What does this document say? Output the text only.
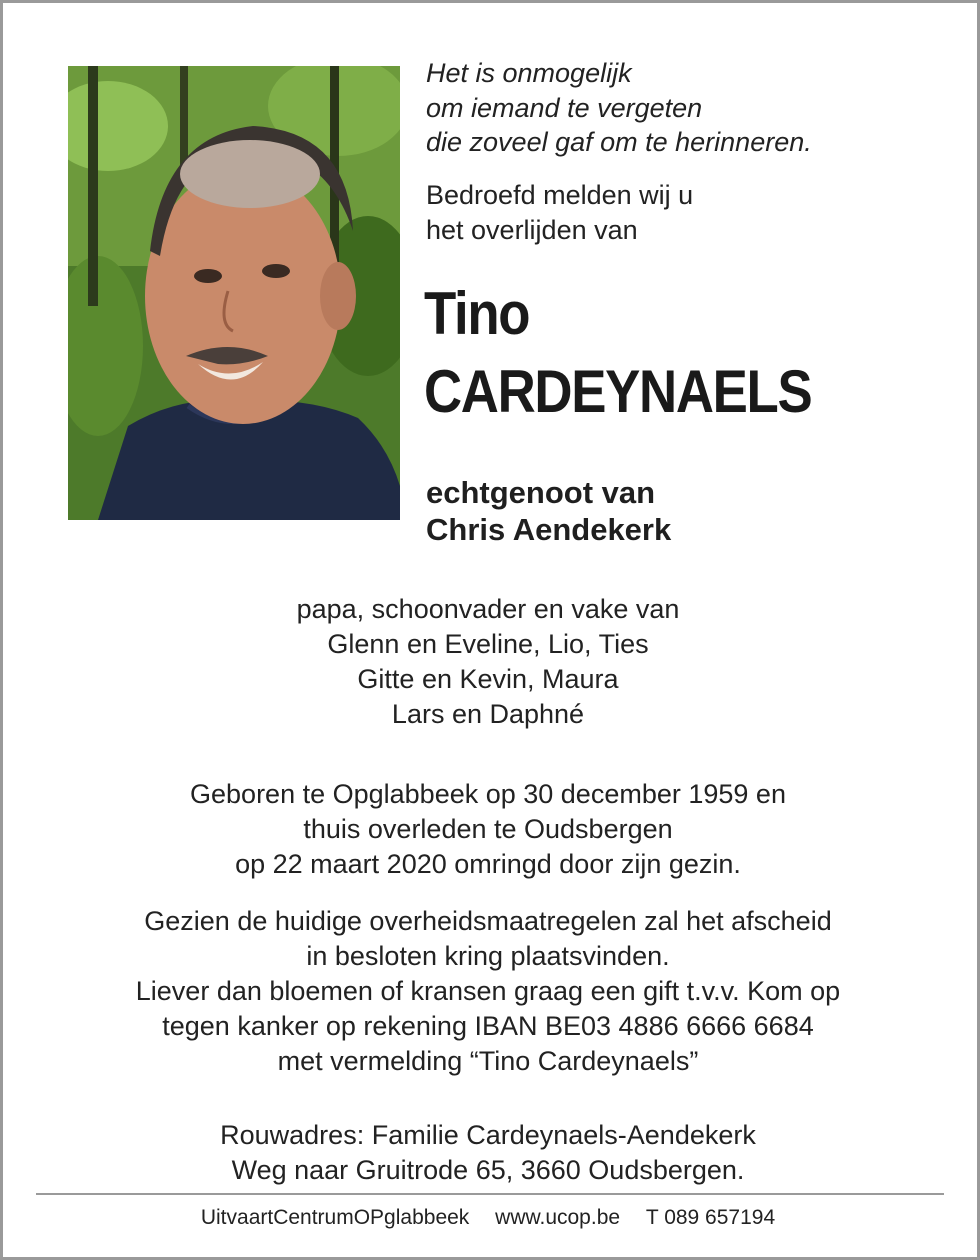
Het is onmogelijk
om iemand te vergeten
die zoveel gaf om te herinneren.
Bedroefd melden wij u
het overlijden van
Tino
CARDEYNAELS
echtgenoot van
Chris Aendekerk
papa, schoonvader en vake van
Glenn en Eveline, Lio, Ties
Gitte en Kevin, Maura
Lars en Daphné
Geboren te Opglabbeek op 30 december 1959 en
thuis overleden te Oudsbergen
op 22 maart 2020 omringd door zijn gezin.
Gezien de huidige overheidsmaatregelen zal het afscheid
in besloten kring plaatsvinden.
Liever dan bloemen of kransen graag een gift t.v.v. Kom op
tegen kanker op rekening IBAN BE03 4886 6666 6684
met vermelding “Tino Cardeynaels”
Rouwadres: Familie Cardeynaels-Aendekerk
Weg naar Gruitrode 65, 3660 Oudsbergen.
UitvaartCentrumOPglabbeek www.ucop.be T 089 657194
